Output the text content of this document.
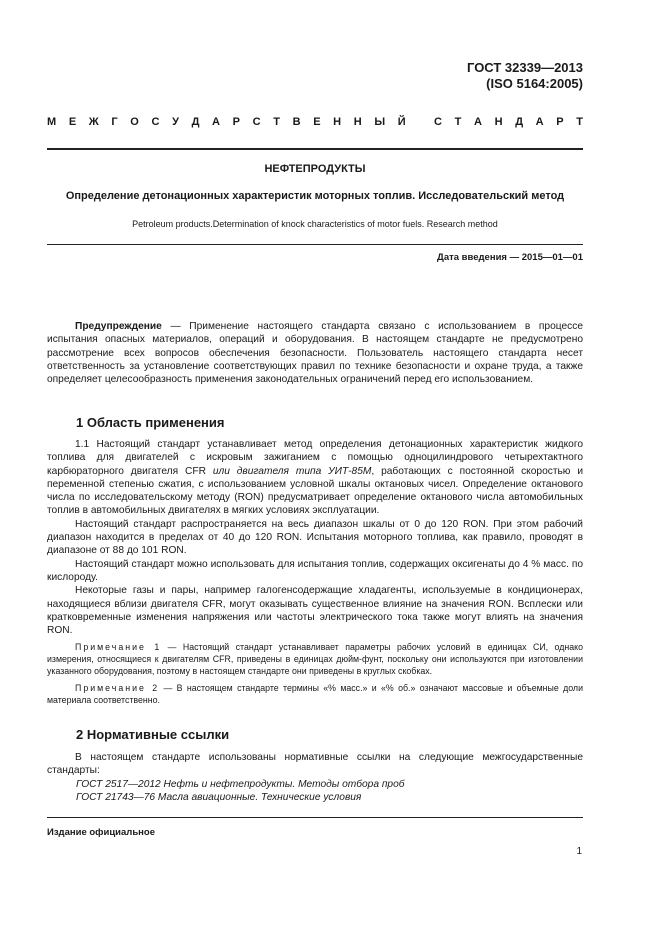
ГОСТ 32339—2013
(ISO 5164:2005)
М Е Ж Г О С У Д А Р С Т В Е Н Н Ы Й
	С Т А Н Д А Р Т
НЕФТЕПРОДУКТЫ
Определение детонационных характеристик моторных топлив. Исследовательский метод
Petroleum products.Determination of knock characteristics of motor fuels. Research method
Дата введения — 2015—01—01

Предупреждение — Применение настоящего стандарта связано с использованием в процессе испытания опасных материалов, операций и оборудования. В настоящем стандарте не предусмотрено рассмотрение всех вопросов обеспечения безопасности. Пользователь настоящего стандарта несет ответственность за установление соответствующих правил по технике безопасности и охране труда, а также определяет целесообразность применения законодательных ограничений перед его использованием.

1 Область применения

1.1 Настоящий стандарт устанавливает метод определения детонационных характеристик жидкого топлива для двигателей с искровым зажиганием с помощью одноцилиндрового четырехтактного карбюраторного двигателя CFR или двигателя типа УИТ-85М, работающих с постоянной скоростью и переменной степенью сжатия, с использованием условной шкалы октановых чисел. Определение октанового числа по исследовательскому методу (RON) предусматривает определение октанового числа автомобильных топлив в автомобильных двигателях в мягких условиях эксплуатации.

Настоящий стандарт распространяется на весь диапазон шкалы от 0 до 120 RON. При этом рабочий диапазон находится в пределах от 40 до 120 RON. Испытания моторного топлива, как правило, проводят в диапазоне от 88 до 101 RON.

Настоящий стандарт можно использовать для испытания топлив, содержащих оксигенаты до 4 % масс. по кислороду.

Некоторые газы и пары, например галогенсодержащие хладагенты, используемые в кондиционерах, находящиеся вблизи двигателя CFR, могут оказывать существенное влияние на значения RON. Всплески или кратковременные изменения напряжения или частоты электрического тока также могут влиять на значения RON.

Примечание 1 — Настоящий стандарт устанавливает параметры рабочих условий в единицах СИ, однако измерения, относящиеся к двигателям CFR, приведены в единицах дюйм-фунт, поскольку они используются при изготовлении указанного оборудования, поэтому в настоящем стандарте они приведены в круглых скобках.

Примечание 2 — В настоящем стандарте термины «% масс.» и «% об.» означают массовые и объемные доли материала соответственно.

2 Нормативные ссылки

В настоящем стандарте использованы нормативные ссылки на следующие межгосударственные стандарты:

ГОСТ 2517—2012 Нефть и нефтепродукты. Методы отбора проб
ГОСТ 21743—76 Масла авиационные. Технические условия
Издание официальное
1
